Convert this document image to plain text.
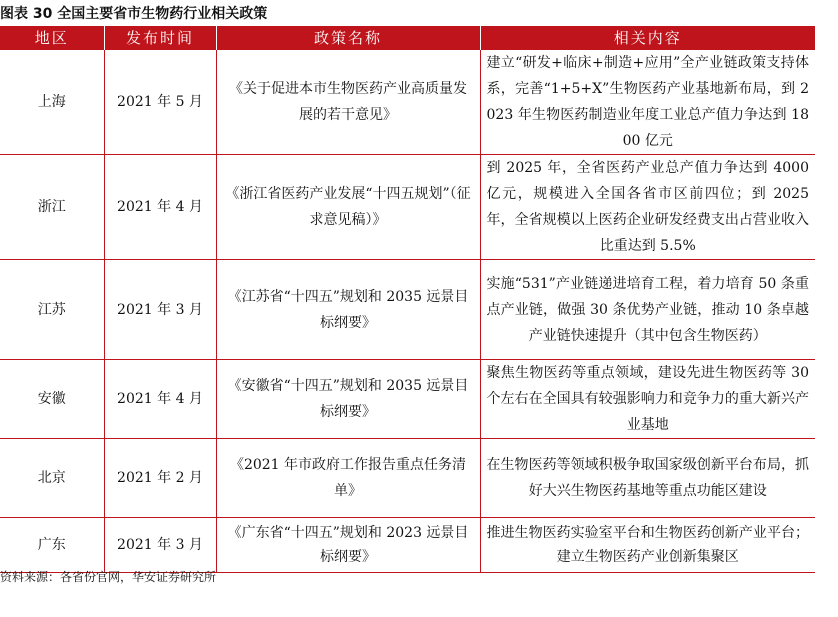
图表 30 全国主要省市生物药行业相关政策
地区	发布时间	政策名称	相关内容
上海	2021 年 5 月	《关于促进本市生物医药产业高质量发展的若干意见》	建立“研发+临床+制造+应用”全产业链政策支持体系，完善“1+5+X”生物医药产业基地新布局，到 2023 年生物医药制造业年度工业总产值力争达到 1800 亿元
浙江	2021 年 4 月	《浙江省医药产业发展“十四五规划”（征求意见稿）》	到 2025 年，全省医药产业总产值力争达到 4000 亿元，规模进入全国各省市区前四位；到 2025 年，全省规模以上医药企业研发经费支出占营业收入比重达到 5.5%
江苏	2021 年 3 月	《江苏省“十四五”规划和 2035 远景目标纲要》	实施“531”产业链递进培育工程，着力培育 50 条重点产业链，做强 30 条优势产业链，推动 10 条卓越产业链快速提升（其中包含生物医药）
安徽	2021 年 4 月	《安徽省“十四五”规划和 2035 远景目标纲要》	聚焦生物医药等重点领域，建设先进生物医药等 30 个左右在全国具有较强影响力和竞争力的重大新兴产业基地
北京	2021 年 2 月	《2021 年市政府工作报告重点任务清单》	在生物医药等领域积极争取国家级创新平台布局，抓好大兴生物医药基地等重点功能区建设
广东	2021 年 3 月	《广东省“十四五”规划和 2023 远景目标纲要》	推进生物医药实验室平台和生物医药创新产业平台；建立生物医药产业创新集聚区
资料来源：各省份官网，华安证券研究所
